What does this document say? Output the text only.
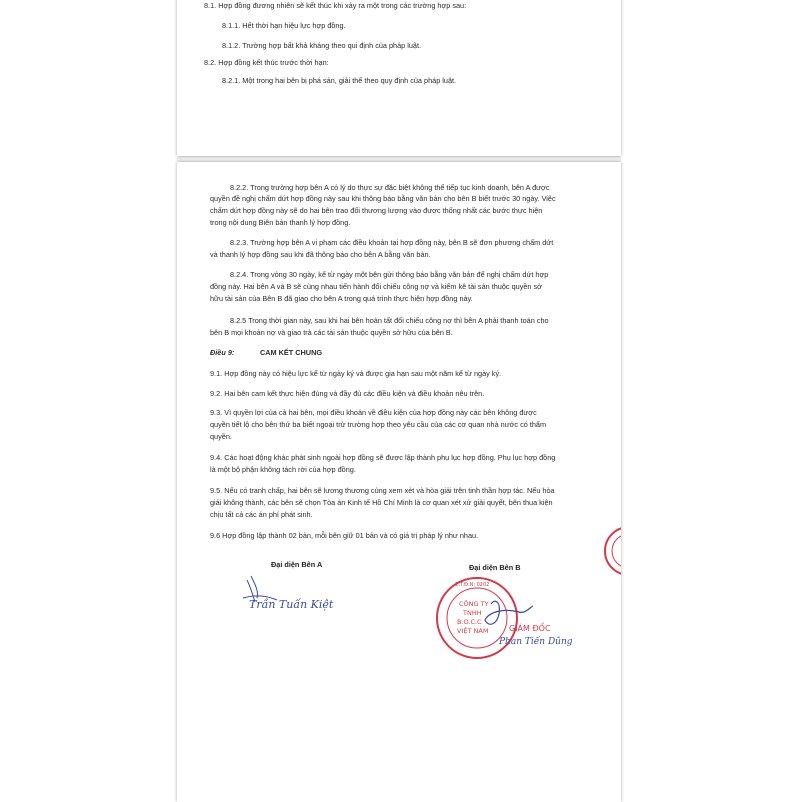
8.1. Hợp đồng đương nhiên sẽ kết thúc khi xảy ra một trong các trường hợp sau:
8.1.1. Hết thời hạn hiệu lực hợp đồng.
8.1.2. Trường hợp bất khả kháng theo qui định của pháp luật.
8.2. Hợp đồng kết thúc trước thời hạn:
8.2.1. Một trong hai bên bị phá sản, giải thể theo quy định của pháp luật.
8.2.2. Trong trường hợp bên A có lý do thực sự đặc biệt không thể tiếp tục kinh doanh, bên A được
quyền đề nghị chấm dứt hợp đồng này sau khi thông báo bằng văn bản cho bên B biết trước 30 ngày. Việc
chấm dứt hợp đồng này sẽ do hai bên trao đổi thương lượng vào được thống nhất các bước thực hiện
trong nội dung Biên bản thanh lý hợp đồng.
8.2.3. Trường hợp bên A vi phạm các điều khoản tại hợp đồng này, bên B sẽ đơn phương chấm dứt
và thanh lý hợp đồng sau khi đã thông báo cho bên A bằng văn bản.
8.2.4. Trong vòng 30 ngày, kể từ ngày một bên gửi thông báo bằng văn bản để nghị chấm dứt hợp
đồng này. Hai bên A và B sẽ cùng nhau tiến hành đối chiếu công nợ và kiểm kê tài sản thuộc quyền sở
hữu tài sản của Bên B đã giao cho bên A trong quá trình thực hiện hợp đồng này.
8.2.5 Trong thời gian này, sau khi hai bên hoàn tất đối chiếu công nợ thì bên A phải thanh toán cho
bên B mọi khoản nợ và giao trả các tài sản thuộc quyền sở hữu của bên B.
Điều 9:	CAM KẾT CHUNG
9.1. Hợp đồng này có hiệu lực kể từ ngày ký và được gia hạn sau một năm kể từ ngày ký.
9.2. Hai bên cam kết thực hiện đúng và đầy đủ các điều kiện và điều khoản nêu trên.
9.3. Vì quyền lợi của cả hai bên, mọi điều khoản về điều kiện của hợp đồng này các bên không được
quyền tiết lộ cho bên thứ ba biết ngoại trừ trường hợp theo yêu cầu của các cơ quan nhà nước có thẩm
quyền.
9.4. Các hoạt động khác phát sinh ngoài hợp đồng sẽ được lập thành phụ lục hợp đồng. Phụ lục hợp đồng
là một bộ phận không tách rời của hợp đồng.
9.5. Nếu có tranh chấp, hai bên sẽ lương thương cùng xem xét và hòa giải trên tinh thần hợp tác. Nếu hòa
giải không thành, các bên sẽ chọn Tòa án Kinh tế Hồ Chí Minh là cơ quan xét xử giải quyết, bên thua kiện
chịu tất cả các án phí phát sinh.
9.6 Hợp đồng lập thành 02 bản, mỗi bên giữ 01 bản và có giá trị pháp lý như nhau.
Đại diện Bên A	Đại diện Bên B
Trần Tuấn Kiệt
C.T.Đ.N: 0202
CÔNG TY
TNHH
B.O.C.C
VIỆT NAM	GIÁM ĐỐC
Phan Tiến Dũng
